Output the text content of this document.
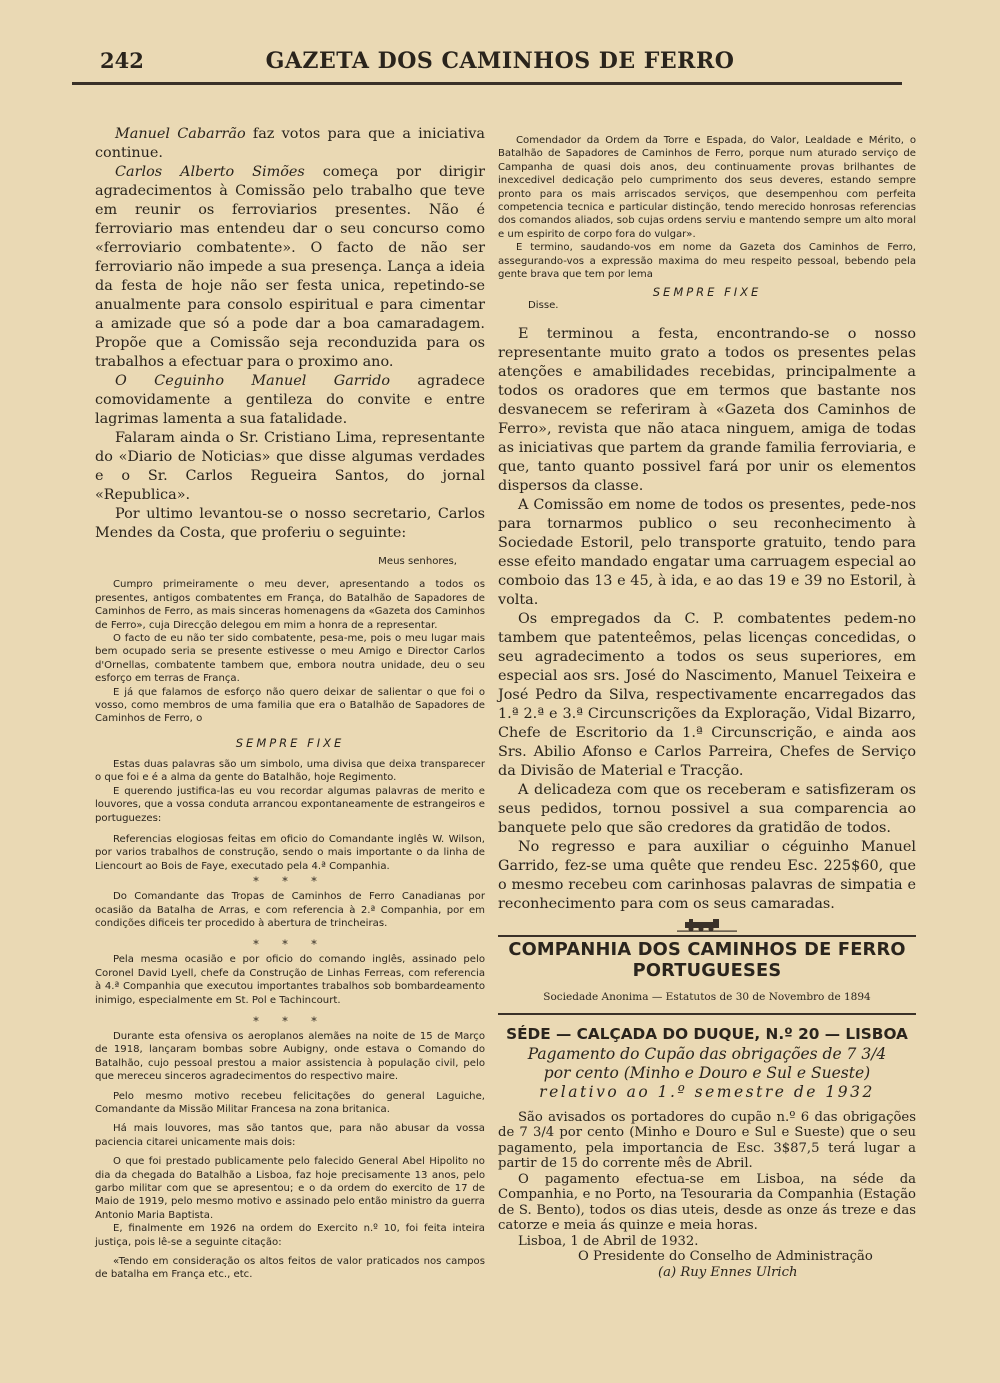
242	GAZETA DOS CAMINHOS DE FERRO

Manuel Cabarrão faz votos para que a iniciativa continue.

Carlos Alberto Simões começa por dirigir agradecimentos à Comissão pelo trabalho que teve em reunir os ferroviarios presentes. Não é ferroviario mas entendeu dar o seu concurso como «ferroviario combatente». O facto de não ser ferroviario não impede a sua presença. Lança a ideia da festa de hoje não ser festa unica, repetindo-se anualmente para consolo espiritual e para cimentar a amizade que só a pode dar a boa camaradagem. Propõe que a Comissão seja reconduzida para os trabalhos a efectuar para o proximo ano.

O Ceguinho Manuel Garrido agradece comovidamente a gentileza do convite e entre lagrimas lamenta a sua fatalidade.

Falaram ainda o Sr. Cristiano Lima, representante do «Diario de Noticias» que disse algumas verdades e o Sr. Carlos Regueira Santos, do jornal «Republica».

Por ultimo levantou-se o nosso secretario, Carlos Mendes da Costa, que proferiu o seguinte:

Meus senhores,

Cumpro primeiramente o meu dever, apresentando a todos os presentes, antigos combatentes em França, do Batalhão de Sapadores de Caminhos de Ferro, as mais sinceras homenagens da «Gazeta dos Caminhos de Ferro», cuja Direcção delegou em mim a honra de a representar.

O facto de eu não ter sido combatente, pesa-me, pois o meu lugar mais bem ocupado seria se presente estivesse o meu Amigo e Director Carlos d'Ornellas, combatente tambem que, embora noutra unidade, deu o seu esforço em terras de França.

E já que falamos de esforço não quero deixar de salientar o que foi o vosso, como membros de uma familia que era o Batalhão de Sapadores de Caminhos de Ferro, o

SEMPRE FIXE

Estas duas palavras são um simbolo, uma divisa que deixa transparecer o que foi e é a alma da gente do Batalhão, hoje Regimento.

E querendo justifica-las eu vou recordar algumas palavras de merito e louvores, que a vossa conduta arrancou expontaneamente de estrangeiros e portuguezes:

Referencias elogiosas feitas em oficio do Comandante inglês W. Wilson, por varios trabalhos de construção, sendo o mais importante o da linha de Liencourt ao Bois de Faye, executado pela 4.ª Companhia.

* * *

Do Comandante das Tropas de Caminhos de Ferro Canadianas por ocasião da Batalha de Arras, e com referencia à 2.ª Companhia, por em condições dificeis ter procedido à abertura de trincheiras.

* * *

Pela mesma ocasião e por oficio do comando inglês, assinado pelo Coronel David Lyell, chefe da Construção de Linhas Ferreas, com referencia à 4.ª Companhia que executou importantes trabalhos sob bombardeamento inimigo, especialmente em St. Pol e Tachincourt.

* * *

Durante esta ofensiva os aeroplanos alemães na noite de 15 de Março de 1918, lançaram bombas sobre Aubigny, onde estava o Comando do Batalhão, cujo pessoal prestou a maior assistencia à população civil, pelo que mereceu sinceros agradecimentos do respectivo maire.

Pelo mesmo motivo recebeu felicitações do general Laguiche, Comandante da Missão Militar Francesa na zona britanica.

Há mais louvores, mas são tantos que, para não abusar da vossa paciencia citarei unicamente mais dois:

O que foi prestado publicamente pelo falecido General Abel Hipolito no dia da chegada do Batalhão a Lisboa, faz hoje precisamente 13 anos, pelo garbo militar com que se apresentou; e o da ordem do exercito de 17 de Maio de 1919, pelo mesmo motivo e assinado pelo então ministro da guerra Antonio Maria Baptista.

E, finalmente em 1926 na ordem do Exercito n.º 10, foi feita inteira justiça, pois lê-se a seguinte citação:

«Tendo em consideração os altos feitos de valor praticados nos campos de batalha em França etc., etc.

Comendador da Ordem da Torre e Espada, do Valor, Lealdade e Mérito, o Batalhão de Sapadores de Caminhos de Ferro, porque num aturado serviço de Campanha de quasi dois anos, deu continuamente provas brilhantes de inexcedivel dedicação pelo cumprimento dos seus deveres, estando sempre pronto para os mais arriscados serviços, que desempenhou com perfeita competencia tecnica e particular distinção, tendo merecido honrosas referencias dos comandos aliados, sob cujas ordens serviu e mantendo sempre um alto moral e um espirito de corpo fora do vulgar».

E termino, saudando-vos em nome da Gazeta dos Caminhos de Ferro, assegurando-vos a expressão maxima do meu respeito pessoal, bebendo pela gente brava que tem por lema

SEMPRE FIXE

Disse.

E terminou a festa, encontrando-se o nosso representante muito grato a todos os presentes pelas atenções e amabilidades recebidas, principalmente a todos os oradores que em termos que bastante nos desvanecem se referiram à «Gazeta dos Caminhos de Ferro», revista que não ataca ninguem, amiga de todas as iniciativas que partem da grande familia ferroviaria, e que, tanto quanto possivel fará por unir os elementos dispersos da classe.

A Comissão em nome de todos os presentes, pede-nos para tornarmos publico o seu reconhecimento à Sociedade Estoril, pelo transporte gratuito, tendo para esse efeito mandado engatar uma carruagem especial ao comboio das 13 e 45, à ida, e ao das 19 e 39 no Estoril, à volta.

Os empregados da C. P. combatentes pedem-no tambem que patenteêmos, pelas licenças concedidas, o seu agradecimento a todos os seus superiores, em especial aos srs. José do Nascimento, Manuel Teixeira e José Pedro da Silva, respectivamente encarregados das 1.ª 2.ª e 3.ª Circunscrições da Exploração, Vidal Bizarro, Chefe de Escritorio da 1.ª Circunscrição, e ainda aos Srs. Abilio Afonso e Carlos Parreira, Chefes de Serviço da Divisão de Material e Tracção.

A delicadeza com que os receberam e satisfizeram os seus pedidos, tornou possivel a sua comparencia ao banquete pelo que são credores da gratidão de todos.

No regresso e para auxiliar o céguinho Manuel Garrido, fez-se uma quête que rendeu Esc. 225$60, que o mesmo recebeu com carinhosas palavras de simpatia e reconhecimento para com os seus camaradas.

COMPANHIA DOS CAMINHOS DE FERRO PORTUGUESES
Sociedade Anonima — Estatutos de 30 de Novembro de 1894
SÉDE — CALÇADA DO DUQUE, N.º 20 — LISBOA
Pagamento do Cupão das obrigações de 7 3/4
por cento (Minho e Douro e Sul e Sueste)
relativo ao 1.º semestre de 1932

São avisados os portadores do cupão n.º 6 das obrigações de 7 3/4 por cento (Minho e Douro e Sul e Sueste) que o seu pagamento, pela importancia de Esc. 3$87,5 terá lugar a partir de 15 do corrente mês de Abril.

O pagamento efectua-se em Lisboa, na séde da Companhia, e no Porto, na Tesouraria da Companhia (Estação de S. Bento), todos os dias uteis, desde as onze ás treze e das catorze e meia ás quinze e meia horas.

Lisboa, 1 de Abril de 1932.

O Presidente do Conselho de Administração

(a) Ruy Ennes Ulrich
